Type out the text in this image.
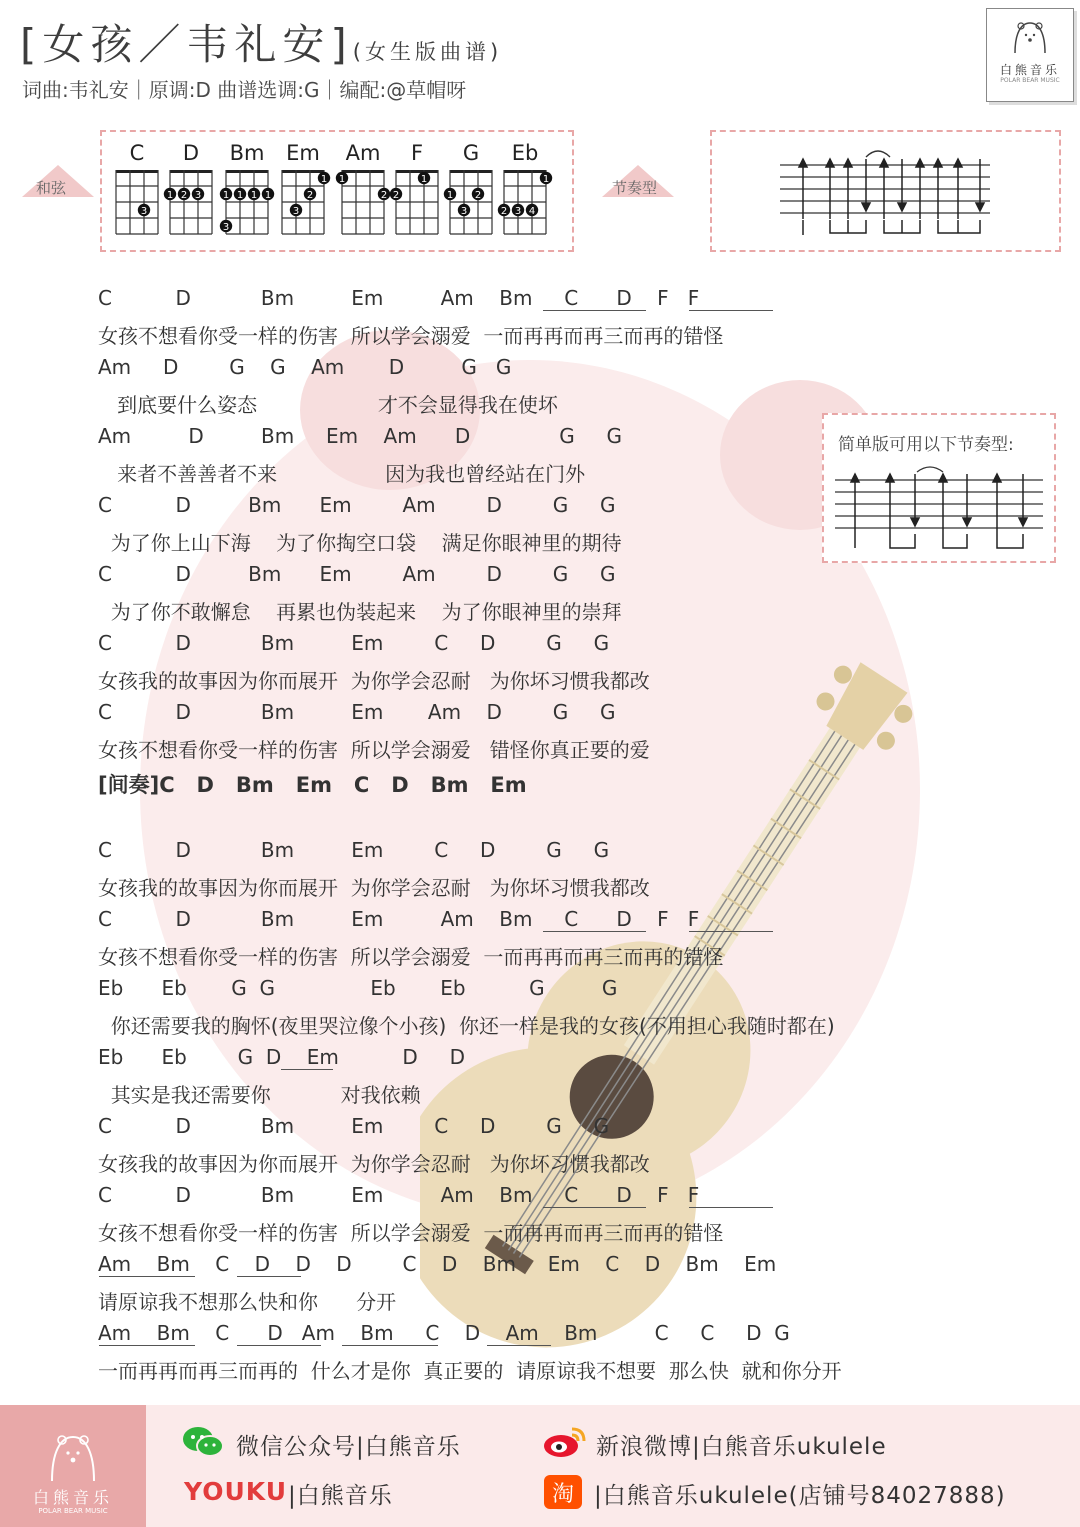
[女孩／韦礼安](女生版曲谱)
词曲:韦礼安｜原调:D 曲谱选调:G｜编配:@草帽呀
白熊音乐
POLAR BEAR MUSIC
和弦
C
3
D
1 2 3
Bm
1 1 1 1
3
Em
1
2
3
Am
1
2
F
1
2
G
1 2
3
Eb
1
2 3 4
节奏型
简单版可用以下节奏型:
C          D           Bm         Em         Am    Bm     C      D    F   F
女孩不想看你受一样的伤害  所以学会溺爱  一而再再而再三而再的错怪
Am     D        G    G    Am       D         G   G
到底要什么姿态                   才不会显得我在使坏
Am         D         Bm     Em    Am      D              G     G
来者不善善者不来                 因为我也曾经站在门外
C          D         Bm      Em        Am        D        G     G
为了你上山下海    为了你掏空口袋    满足你眼神里的期待
C          D         Bm      Em        Am        D        G     G
为了你不敢懈怠    再累也伪装起来    为了你眼神里的崇拜
C          D           Bm         Em        C     D        G     G
女孩我的故事因为你而展开  为你学会忍耐   为你坏习惯我都改
C          D           Bm         Em       Am    D        G     G
女孩不想看你受一样的伤害  所以学会溺爱   错怪你真正要的爱
[间奏]C   D   Bm   Em   C   D   Bm   Em
C          D           Bm         Em        C     D        G     G
女孩我的故事因为你而展开  为你学会忍耐   为你坏习惯我都改
C          D           Bm         Em         Am    Bm     C      D    F   F
女孩不想看你受一样的伤害  所以学会溺爱  一而再再而再三而再的错怪
Eb      Eb       G  G               Eb       Eb          G         G
你还需要我的胸怀(夜里哭泣像个小孩)  你还一样是我的女孩(不用担心我随时都在)
Eb      Eb        G  D    Em          D     D
其实是我还需要你           对我依赖
C          D           Bm         Em        C     D        G     G
女孩我的故事因为你而展开  为你学会忍耐   为你坏习惯我都改
C          D           Bm         Em         Am    Bm     C      D    F   F
女孩不想看你受一样的伤害  所以学会溺爱  一而再再而再三而再的错怪
Am    Bm    C    D    D    D        C    D    Bm     Em    C    D    Bm    Em
请原谅我不想那么快和你      分开
Am    Bm    C      D   Am    Bm     C    D    Am    Bm         C     C     D  G
一而再再而再三而再的  什么才是你  真正要的  请原谅我不想要  那么快  就和你分开
白熊音乐
POLAR BEAR MUSIC
微信公众号|白熊音乐	新浪微博|白熊音乐ukulele
YOUKU |白熊音乐	淘 |白熊音乐ukulele(店铺号84027888)
